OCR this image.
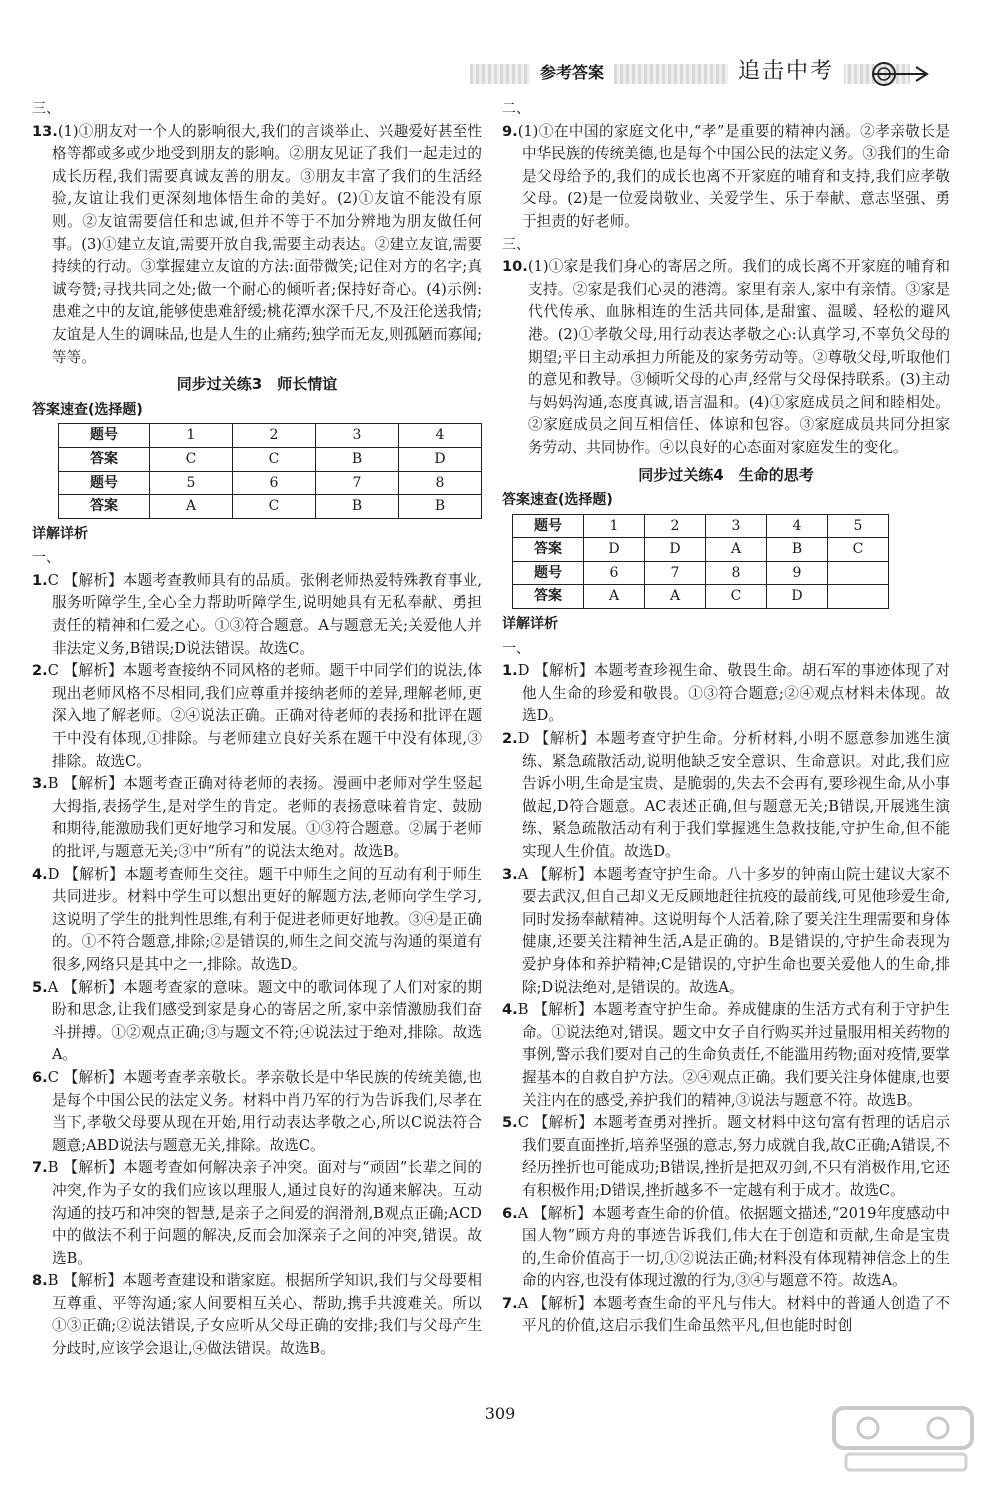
参考答案	追击中考

三、

13.(1)①朋友对一个人的影响很大,我们的言谈举止、兴趣爱好甚至性格等都或多或少地受到朋友的影响。②朋友见证了我们一起走过的成长历程,我们需要真诚友善的朋友。③朋友丰富了我们的生活经验,友谊让我们更深刻地体悟生命的美好。(2)①友谊不能没有原则。②友谊需要信任和忠诚,但并不等于不加分辨地为朋友做任何事。(3)①建立友谊,需要开放自我,需要主动表达。②建立友谊,需要持续的行动。③掌握建立友谊的方法:面带微笑;记住对方的名字;真诚夸赞;寻找共同之处;做一个耐心的倾听者;保持好奇心。(4)示例:患难之中的友谊,能够使患难舒缓;桃花潭水深千尺,不及汪伦送我情;友谊是人生的调味品,也是人生的止痛药;独学而无友,则孤陋而寡闻;等等。

同步过关练3　师长情谊

答案速查(选择题)

题号	1	2	3	4
答案	C	C	B	D
题号	5	6	7	8
答案	A	C	B	B

详解详析

一、

1.C 【解析】本题考查教师具有的品质。张俐老师热爱特殊教育事业,服务听障学生,全心全力帮助听障学生,说明她具有无私奉献、勇担责任的精神和仁爱之心。①③符合题意。A与题意无关;关爱他人并非法定义务,B错误;D说法错误。故选C。

2.C 【解析】本题考查接纳不同风格的老师。题干中同学们的说法,体现出老师风格不尽相同,我们应尊重并接纳老师的差异,理解老师,更深入地了解老师。②④说法正确。正确对待老师的表扬和批评在题干中没有体现,①排除。与老师建立良好关系在题干中没有体现,③排除。故选C。

3.B 【解析】本题考查正确对待老师的表扬。漫画中老师对学生竖起大拇指,表扬学生,是对学生的肯定。老师的表扬意味着肯定、鼓励和期待,能激励我们更好地学习和发展。①③符合题意。②属于老师的批评,与题意无关;③中“所有”的说法太绝对。故选B。

4.D 【解析】本题考查师生交往。题干中师生之间的互动有利于师生共同进步。材料中学生可以想出更好的解题方法,老师向学生学习,这说明了学生的批判性思维,有利于促进老师更好地教。③④是正确的。①不符合题意,排除;②是错误的,师生之间交流与沟通的渠道有很多,网络只是其中之一,排除。故选D。

5.A 【解析】本题考查家的意味。题文中的歌词体现了人们对家的期盼和思念,让我们感受到家是身心的寄居之所,家中亲情激励我们奋斗拼搏。①②观点正确;③与题文不符;④说法过于绝对,排除。故选A。

6.C 【解析】本题考查孝亲敬长。孝亲敬长是中华民族的传统美德,也是每个中国公民的法定义务。材料中肖乃军的行为告诉我们,尽孝在当下,孝敬父母要从现在开始,用行动表达孝敬之心,所以C说法符合题意;ABD说法与题意无关,排除。故选C。

7.B 【解析】本题考查如何解决亲子冲突。面对与“顽固”长辈之间的冲突,作为子女的我们应该以理服人,通过良好的沟通来解决。互动沟通的技巧和冲突的智慧,是亲子之间爱的润滑剂,B观点正确;ACD中的做法不利于问题的解决,反而会加深亲子之间的冲突,错误。故选B。

8.B 【解析】本题考查建设和谐家庭。根据所学知识,我们与父母要相互尊重、平等沟通;家人间要相互关心、帮助,携手共渡难关。所以①③正确;②说法错误,子女应听从父母正确的安排;我们与父母产生分歧时,应该学会退让,④做法错误。故选B。

二、

9.(1)①在中国的家庭文化中,“孝”是重要的精神内涵。②孝亲敬长是中华民族的传统美德,也是每个中国公民的法定义务。③我们的生命是父母给予的,我们的成长也离不开家庭的哺育和支持,我们应孝敬父母。(2)是一位爱岗敬业、关爱学生、乐于奉献、意志坚强、勇于担责的好老师。

三、

10.(1)①家是我们身心的寄居之所。我们的成长离不开家庭的哺育和支持。②家是我们心灵的港湾。家里有亲人,家中有亲情。③家是代代传承、血脉相连的生活共同体,是甜蜜、温暖、轻松的避风港。(2)①孝敬父母,用行动表达孝敬之心:认真学习,不辜负父母的期望;平日主动承担力所能及的家务劳动等。②尊敬父母,听取他们的意见和教导。③倾听父母的心声,经常与父母保持联系。(3)主动与妈妈沟通,态度真诚,语言温和。(4)①家庭成员之间和睦相处。②家庭成员之间互相信任、体谅和包容。③家庭成员共同分担家务劳动、共同协作。④以良好的心态面对家庭发生的变化。

同步过关练4　生命的思考

答案速查(选择题)

题号	1	2	3	4	5
答案	D	D	A	B	C
题号	6	7	8	9	
答案	A	A	C	D	

详解详析

一、

1.D 【解析】本题考查珍视生命、敬畏生命。胡石军的事迹体现了对他人生命的珍爱和敬畏。①③符合题意;②④观点材料未体现。故选D。

2.D 【解析】本题考查守护生命。分析材料,小明不愿意参加逃生演练、紧急疏散活动,说明他缺乏安全意识、生命意识。对此,我们应告诉小明,生命是宝贵、是脆弱的,失去不会再有,要珍视生命,从小事做起,D符合题意。AC表述正确,但与题意无关;B错误,开展逃生演练、紧急疏散活动有利于我们掌握逃生急救技能,守护生命,但不能实现人生价值。故选D。

3.A 【解析】本题考查守护生命。八十多岁的钟南山院士建议大家不要去武汉,但自己却义无反顾地赶往抗疫的最前线,可见他珍爱生命,同时发扬奉献精神。这说明每个人活着,除了要关注生理需要和身体健康,还要关注精神生活,A是正确的。B是错误的,守护生命表现为爱护身体和养护精神;C是错误的,守护生命也要关爱他人的生命,排除;D说法绝对,是错误的。故选A。

4.B 【解析】本题考查守护生命。养成健康的生活方式有利于守护生命。①说法绝对,错误。题文中女子自行购买并过量服用相关药物的事例,警示我们要对自己的生命负责任,不能滥用药物;面对疫情,要掌握基本的自救自护方法。②④观点正确。我们要关注身体健康,也要关注内在的感受,养护我们的精神,③说法与题意不符。故选B。

5.C 【解析】本题考查勇对挫折。题文材料中这句富有哲理的话启示我们要直面挫折,培养坚强的意志,努力成就自我,故C正确;A错误,不经历挫折也可能成功;B错误,挫折是把双刃剑,不只有消极作用,它还有积极作用;D错误,挫折越多不一定越有利于成才。故选C。

6.A 【解析】本题考查生命的价值。依据题文描述,“2019年度感动中国人物”顾方舟的事迹告诉我们,伟大在于创造和贡献,生命是宝贵的,生命价值高于一切,①②说法正确;材料没有体现精神信念上的生命的内容,也没有体现过激的行为,③④与题意不符。故选A。

7.A 【解析】本题考查生命的平凡与伟大。材料中的普通人创造了不平凡的价值,这启示我们生命虽然平凡,但也能时时创

309
